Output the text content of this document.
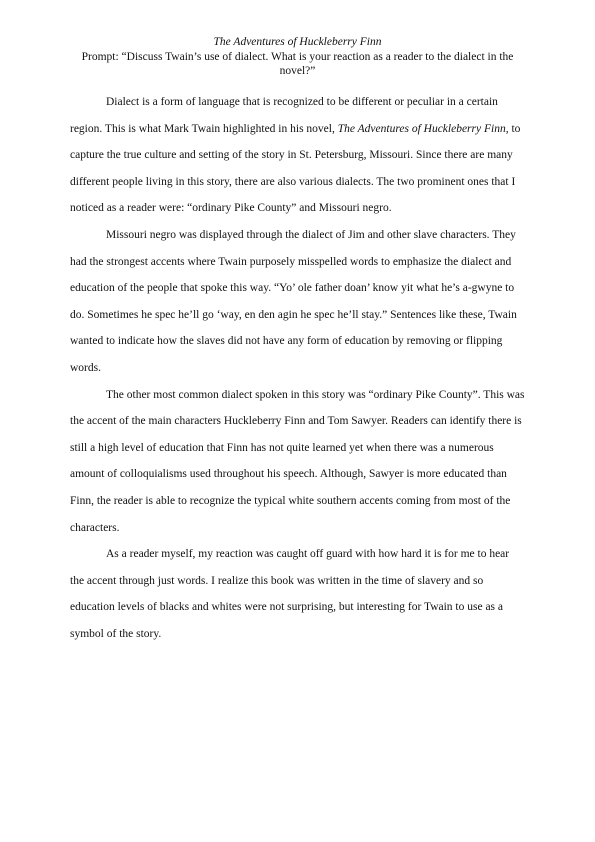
The Adventures of Huckleberry Finn
Prompt: “Discuss Twain’s use of dialect. What is your reaction as a reader to the dialect in the novel?”

Dialect is a form of language that is recognized to be different or peculiar in a certain region. This is what Mark Twain highlighted in his novel, The Adventures of Huckleberry Finn, to capture the true culture and setting of the story in St. Petersburg, Missouri. Since there are many different people living in this story, there are also various dialects. The two prominent ones that I noticed as a reader were: “ordinary Pike County” and Missouri negro.

Missouri negro was displayed through the dialect of Jim and other slave characters. They had the strongest accents where Twain purposely misspelled words to emphasize the dialect and education of the people that spoke this way. “Yo’ ole father doan’ know yit what he’s a-gwyne to do. Sometimes he spec he’ll go ‘way, en den agin he spec he’ll stay.” Sentences like these, Twain wanted to indicate how the slaves did not have any form of education by removing or flipping words.

The other most common dialect spoken in this story was “ordinary Pike County”. This was the accent of the main characters Huckleberry Finn and Tom Sawyer. Readers can identify there is still a high level of education that Finn has not quite learned yet when there was a numerous amount of colloquialisms used throughout his speech. Although, Sawyer is more educated than Finn, the reader is able to recognize the typical white southern accents coming from most of the characters.

As a reader myself, my reaction was caught off guard with how hard it is for me to hear the accent through just words. I realize this book was written in the time of slavery and so education levels of blacks and whites were not surprising, but interesting for Twain to use as a symbol of the story.
